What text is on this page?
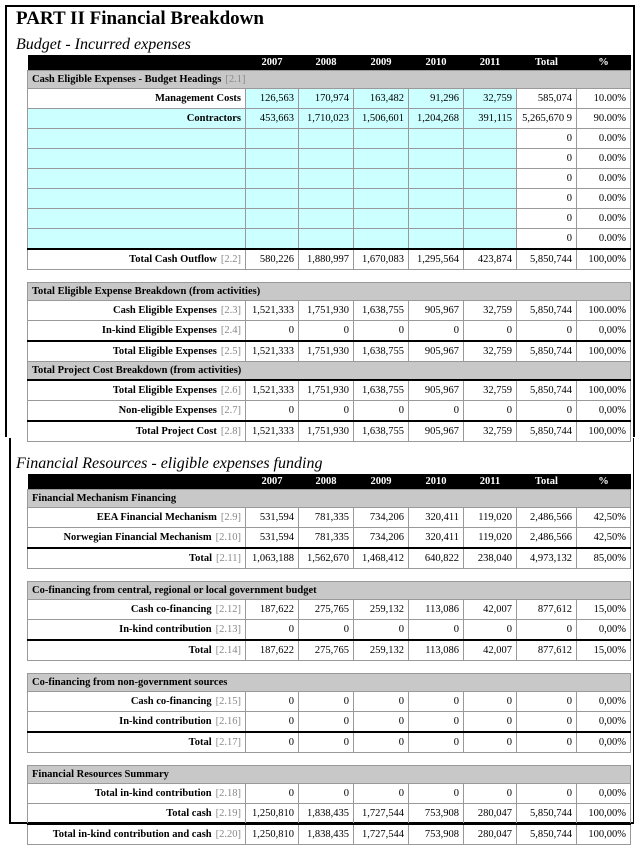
PART II Financial Breakdown
Budget - Incurred expenses
	2007	2008	2009	2010	2011	Total	%
Cash Eligible Expenses - Budget Headings [2.1]							
Management Costs	126,563	170,974	163,482	91,296	32,759	585,074	10.00%
Contractors	453,663	1,710,023	1,506,601	1,204,268	391,115	5,265,670 9	90.00%
						0	0.00%
						0	0.00%
						0	0.00%
						0	0.00%
						0	0.00%
						0	0.00%
Total Cash Outflow [2.2]	580,226	1,880,997	1,670,083	1,295,564	423,874	5,850,744	100,00%

Total Eligible Expense Breakdown (from activities)							
Cash Eligible Expenses [2.3]	1,521,333	1,751,930	1,638,755	905,967	32,759	5,850,744	100.00%
In-kind Eligible Expenses [2.4]	0	0	0	0	0	0	0,00%
Total Eligible Expenses [2.5]	1,521,333	1,751,930	1,638,755	905,967	32,759	5,850,744	100,00%
Total Project Cost Breakdown (from activities)							
Total Eligible Expenses [2.6]	1,521,333	1,751,930	1,638,755	905,967	32,759	5,850,744	100,00%
Non-eligible Expenses [2.7]	0	0	0	0	0	0	0,00%
Total Project Cost [2.8]	1,521,333	1,751,930	1,638,755	905,967	32,759	5,850,744	100,00%
Financial Resources - eligible expenses funding
	2007	2008	2009	2010	2011	Total	%
Financial Mechanism Financing							
EEA Financial Mechanism [2.9]	531,594	781,335	734,206	320,411	119,020	2,486,566	42,50%
Norwegian Financial Mechanism [2.10]	531,594	781,335	734,206	320,411	119,020	2,486,566	42,50%
Total [2.11]	1,063,188	1,562,670	1,468,412	640,822	238,040	4,973,132	85,00%

Co-financing from central, regional or local government budget							
Cash co-financing [2.12]	187,622	275,765	259,132	113,086	42,007	877,612	15,00%
In-kind contribution [2.13]	0	0	0	0	0	0	0,00%
Total [2.14]	187,622	275,765	259,132	113,086	42,007	877,612	15,00%

Co-financing from non-government sources							
Cash co-financing [2.15]	0	0	0	0	0	0	0,00%
In-kind contribution [2.16]	0	0	0	0	0	0	0,00%
Total [2.17]	0	0	0	0	0	0	0,00%

Financial Resources Summary							
Total in-kind contribution [2.18]	0	0	0	0	0	0	0,00%
Total cash [2.19]	1,250,810	1,838,435	1,727,544	753,908	280,047	5,850,744	100,00%
Total in-kind contribution and cash [2.20]	1,250,810	1,838,435	1,727,544	753,908	280,047	5,850,744	100,00%
